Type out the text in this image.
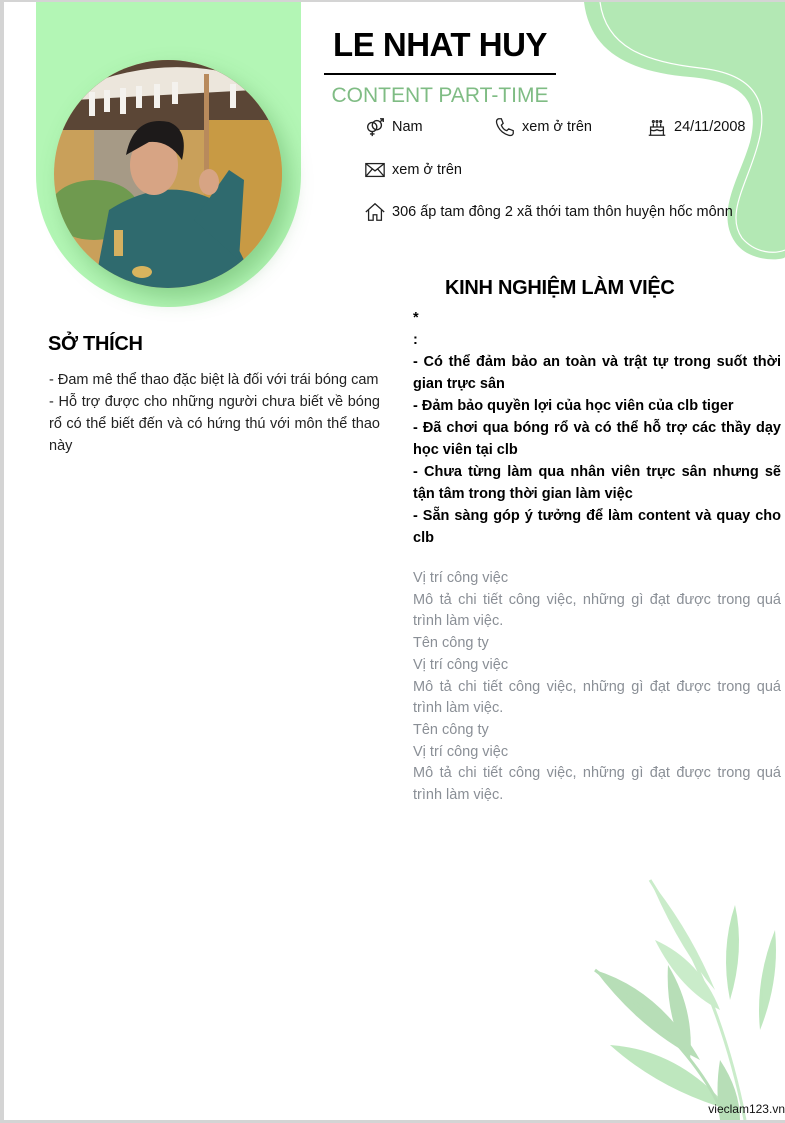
LE NHAT HUY
CONTENT PART-TIME
Nam	xem ở trên	24/11/2008
xem ở trên
306 ấp tam đông 2 xã thới tam thôn huyện hốc mônn
SỞ THÍCH
- Đam mê thể thao đặc biệt là đối với trái bóng cam
- Hỗ trợ được cho những người chưa biết về bóng rổ có thể biết đến và có hứng thú với môn thể thao này
KINH NGHIỆM LÀM VIỆC
*
:
- Có thể đảm bảo an toàn và trật tự trong suốt thời gian trực sân
- Đảm bảo quyền lợi của học viên của clb tiger
- Đã chơi qua bóng rổ và có thể hỗ trợ các thầy dạy học viên tại clb
- Chưa từng làm qua nhân viên trực sân nhưng sẽ tận tâm trong thời gian làm việc
- Sẵn sàng góp ý tưởng để làm content và quay cho clb
Vị trí công việc
Mô tả chi tiết công việc, những gì đạt được trong quá trình làm việc.
Tên công ty
Vị trí công việc
Mô tả chi tiết công việc, những gì đạt được trong quá trình làm việc.
Tên công ty
Vị trí công việc
Mô tả chi tiết công việc, những gì đạt được trong quá trình làm việc.
vieclam123.vn
